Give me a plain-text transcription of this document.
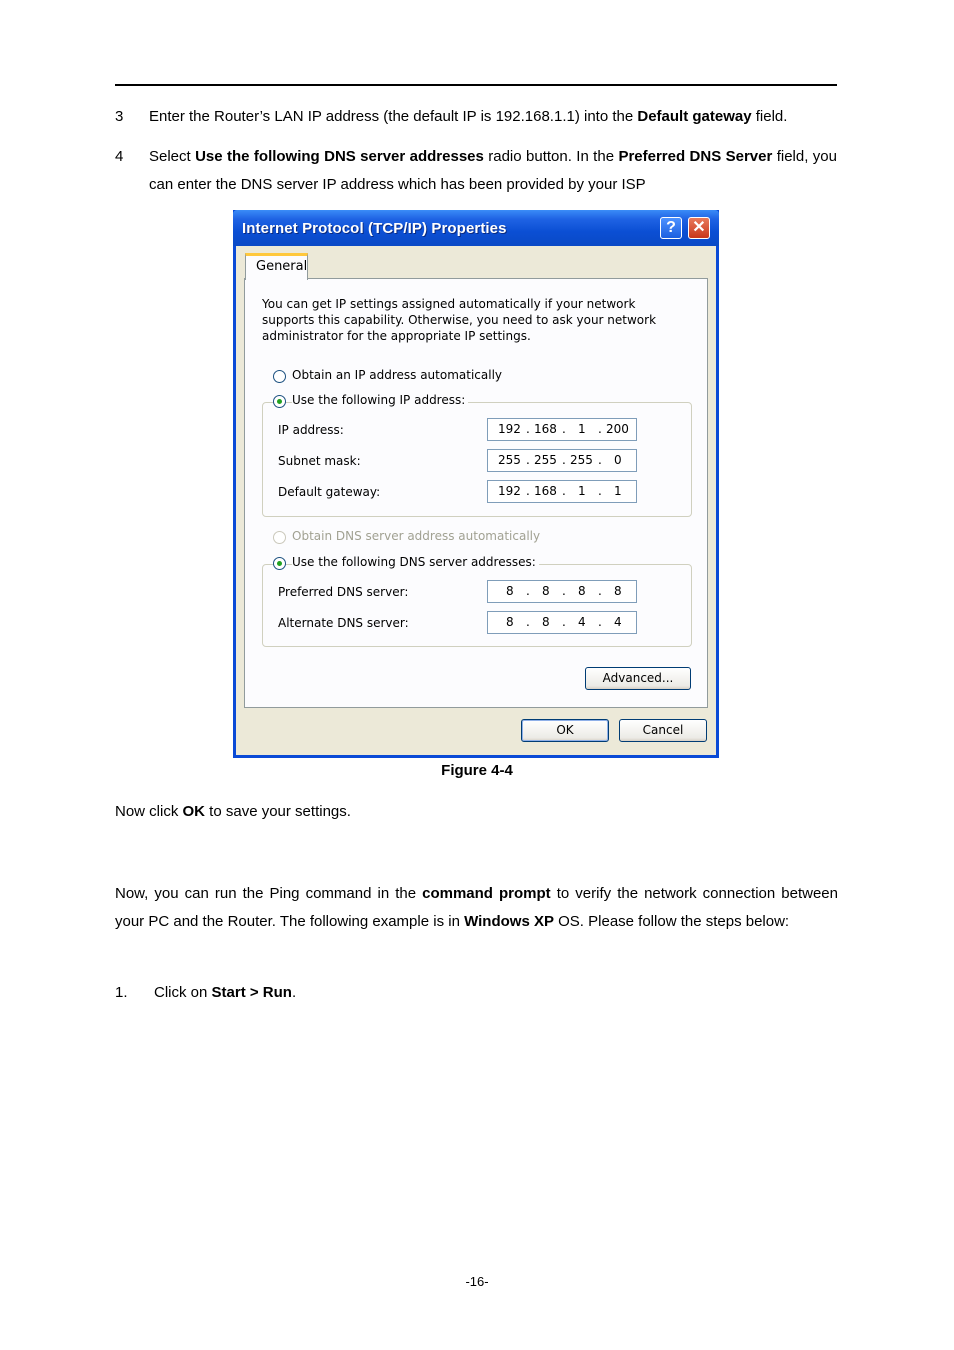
3 Enter the Router’s LAN IP address (the default IP is 192.168.1.1) into the Default gateway field.

4 Select Use the following DNS server addresses radio button. In the Preferred DNS Server field, you can enter the DNS server IP address which has been provided by your ISP

Internet Protocol (TCP/IP) Properties	?	✕
General
You can get IP settings assigned automatically if your network supports this capability. Otherwise, you need to ask your network administrator for the appropriate IP settings.
Obtain an IP address automatically
Use the following IP address:
IP address:	192 . 168 . 1 . 200
Subnet mask:	255 . 255 . 255 . 0
Default gateway:	192 . 168 . 1 . 1
Obtain DNS server address automatically
Use the following DNS server addresses:
Preferred DNS server:	8 . 8 . 8 . 8
Alternate DNS server:	8 . 8 . 4 . 4
Advanced...
OK	Cancel
Figure 4-4

Now click OK to save your settings.

Now, you can run the Ping command in the command prompt to verify the network connection between your PC and the Router. The following example is in Windows XP OS. Please follow the steps below:

1. Click on Start > Run.

-16-
